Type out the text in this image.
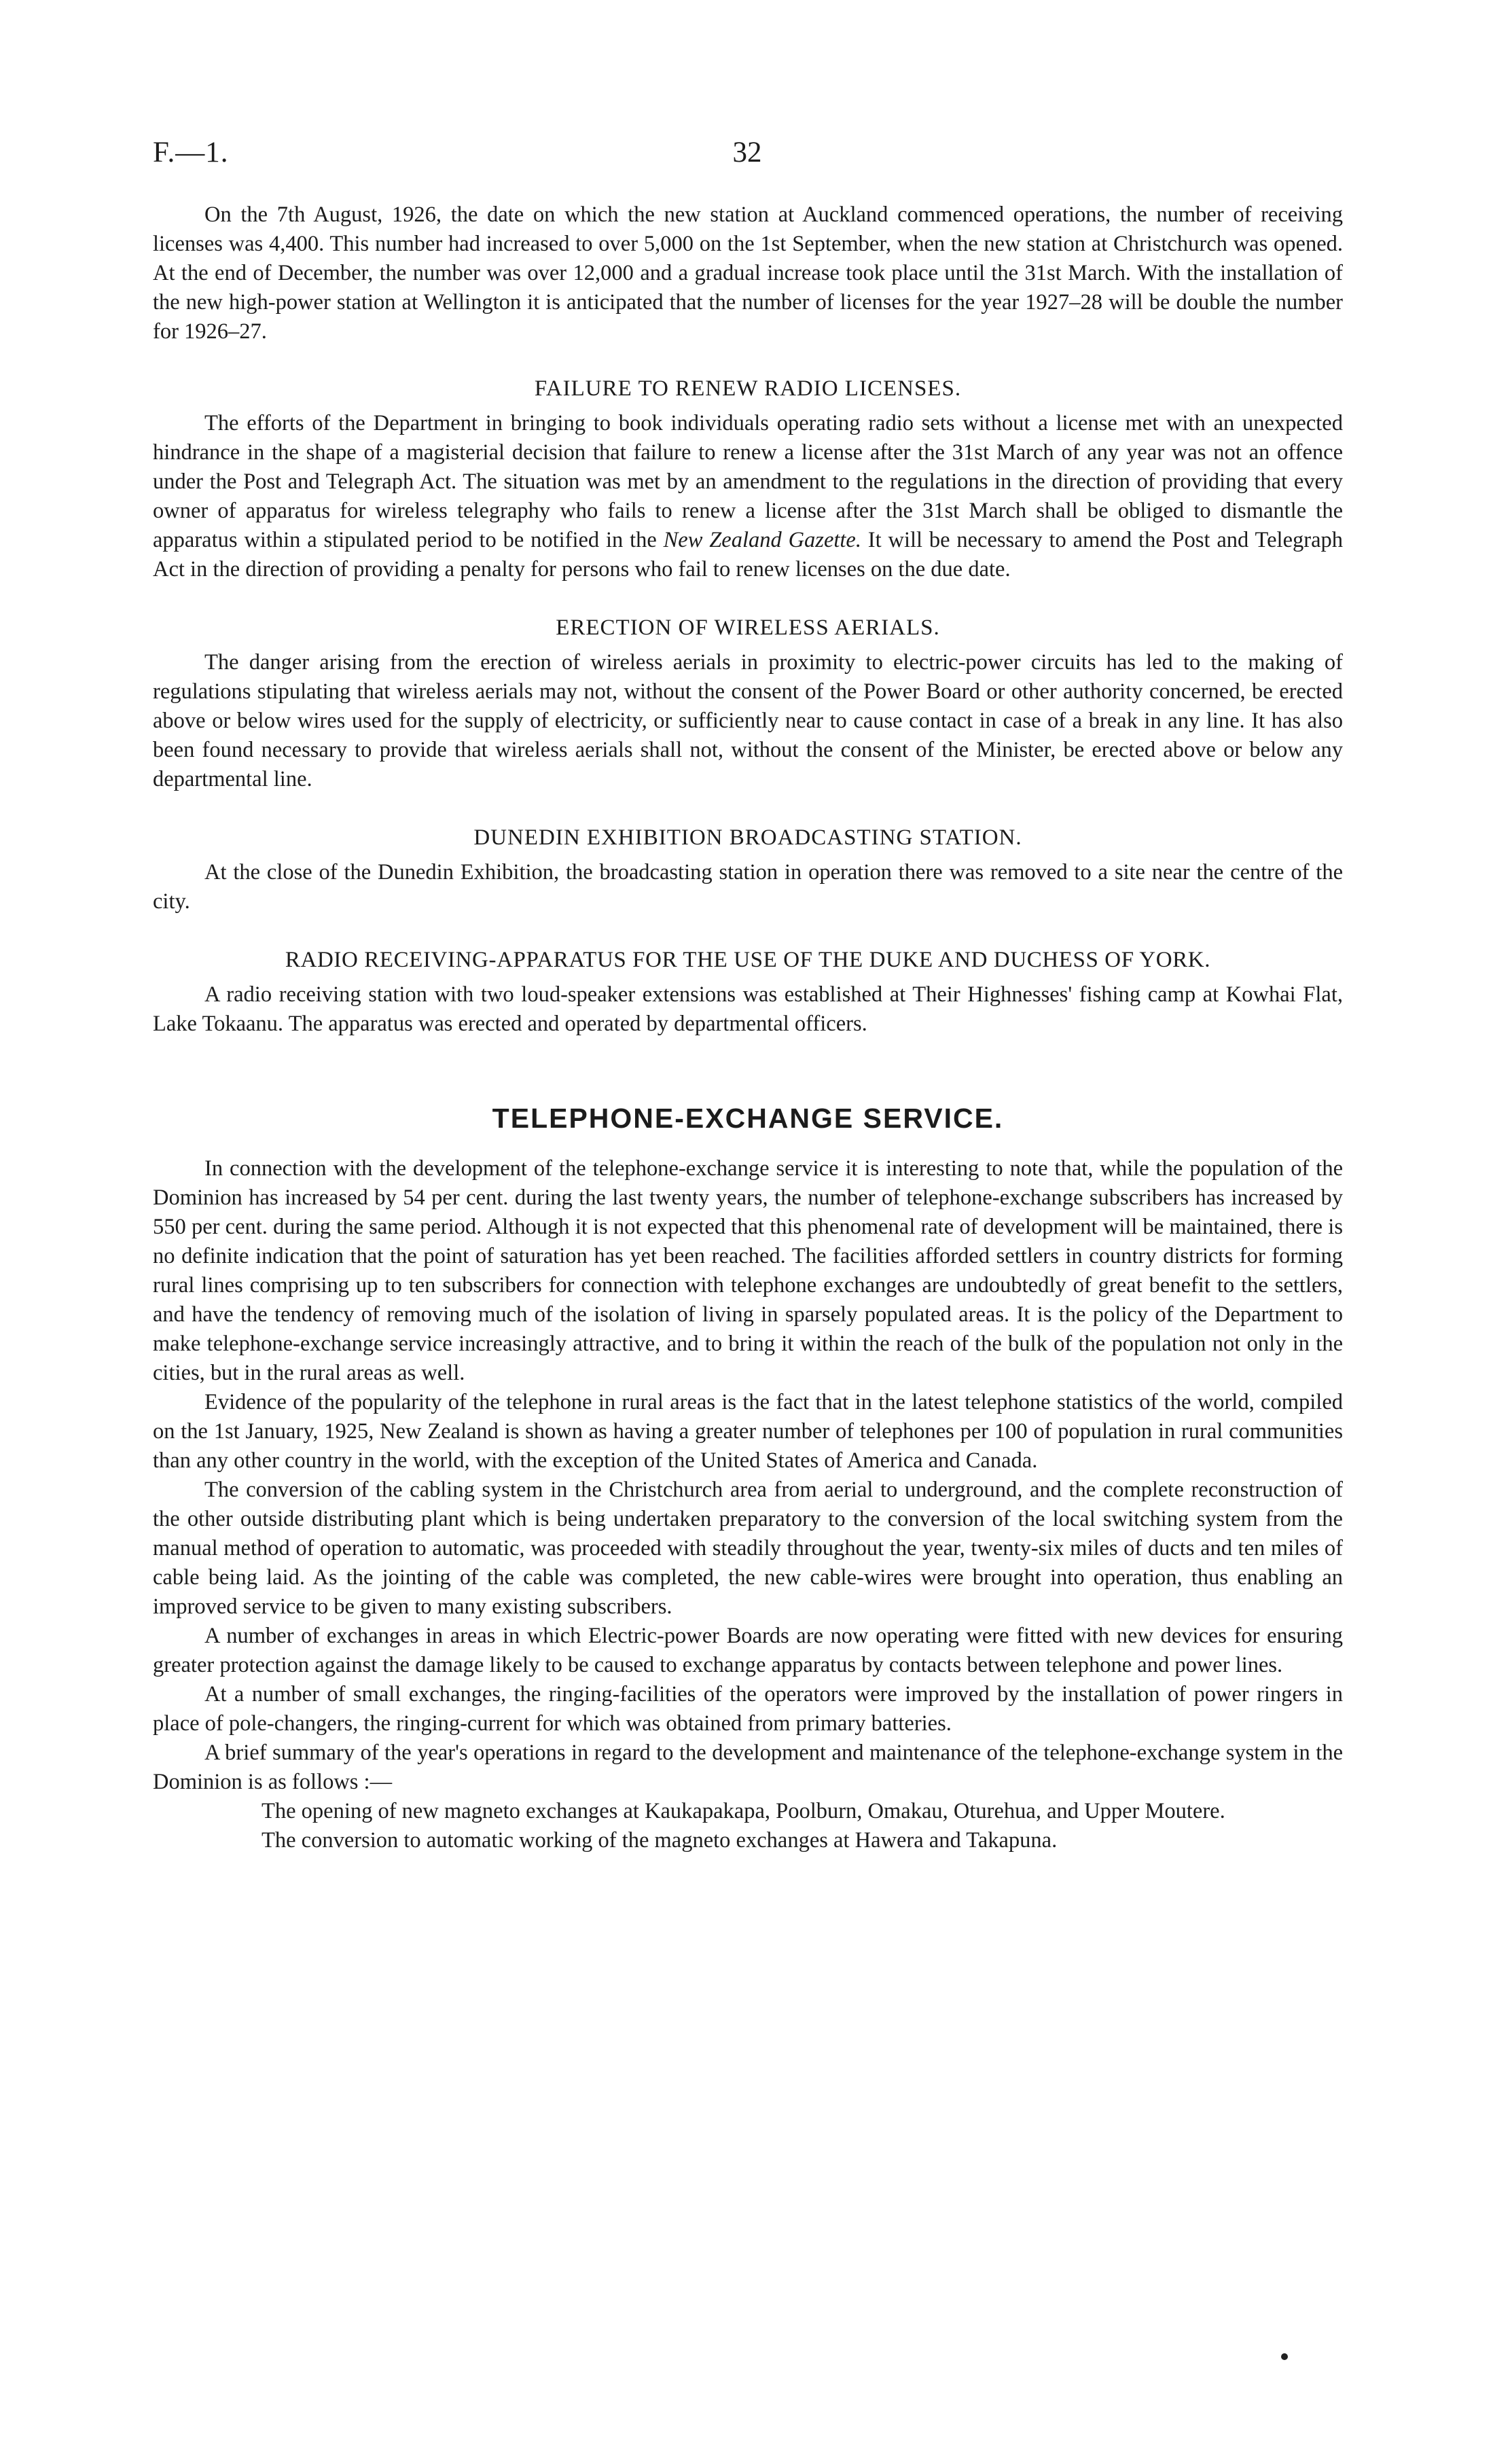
F.—1.	32

On the 7th August, 1926, the date on which the new station at Auckland commenced operations, the number of receiving licenses was 4,400. This number had increased to over 5,000 on the 1st September, when the new station at Christchurch was opened. At the end of December, the number was over 12,000 and a gradual increase took place until the 31st March. With the installation of the new high-power station at Wellington it is anticipated that the number of licenses for the year 1927–28 will be double the number for 1926–27.

FAILURE TO RENEW RADIO LICENSES.

The efforts of the Department in bringing to book individuals operating radio sets without a license met with an unexpected hindrance in the shape of a magisterial decision that failure to renew a license after the 31st March of any year was not an offence under the Post and Telegraph Act. The situation was met by an amendment to the regulations in the direction of providing that every owner of apparatus for wireless telegraphy who fails to renew a license after the 31st March shall be obliged to dismantle the apparatus within a stipulated period to be notified in the New Zealand Gazette. It will be necessary to amend the Post and Telegraph Act in the direction of providing a penalty for persons who fail to renew licenses on the due date.

ERECTION OF WIRELESS AERIALS.

The danger arising from the erection of wireless aerials in proximity to electric-power circuits has led to the making of regulations stipulating that wireless aerials may not, without the consent of the Power Board or other authority concerned, be erected above or below wires used for the supply of electricity, or sufficiently near to cause contact in case of a break in any line. It has also been found necessary to provide that wireless aerials shall not, without the consent of the Minister, be erected above or below any departmental line.

DUNEDIN EXHIBITION BROADCASTING STATION.

At the close of the Dunedin Exhibition, the broadcasting station in operation there was removed to a site near the centre of the city.

RADIO RECEIVING-APPARATUS FOR THE USE OF THE DUKE AND DUCHESS OF YORK.

A radio receiving station with two loud-speaker extensions was established at Their Highnesses' fishing camp at Kowhai Flat, Lake Tokaanu. The apparatus was erected and operated by departmental officers.

TELEPHONE-EXCHANGE SERVICE.

In connection with the development of the telephone-exchange service it is interesting to note that, while the population of the Dominion has increased by 54 per cent. during the last twenty years, the number of telephone-exchange subscribers has increased by 550 per cent. during the same period. Although it is not expected that this phenomenal rate of development will be maintained, there is no definite indication that the point of saturation has yet been reached. The facilities afforded settlers in country districts for forming rural lines comprising up to ten subscribers for connection with telephone exchanges are undoubtedly of great benefit to the settlers, and have the tendency of removing much of the isolation of living in sparsely populated areas. It is the policy of the Department to make telephone-exchange service increasingly attractive, and to bring it within the reach of the bulk of the population not only in the cities, but in the rural areas as well.

Evidence of the popularity of the telephone in rural areas is the fact that in the latest telephone statistics of the world, compiled on the 1st January, 1925, New Zealand is shown as having a greater number of telephones per 100 of population in rural communities than any other country in the world, with the exception of the United States of America and Canada.

The conversion of the cabling system in the Christchurch area from aerial to underground, and the complete reconstruction of the other outside distributing plant which is being undertaken preparatory to the conversion of the local switching system from the manual method of operation to automatic, was proceeded with steadily throughout the year, twenty-six miles of ducts and ten miles of cable being laid. As the jointing of the cable was completed, the new cable-wires were brought into operation, thus enabling an improved service to be given to many existing subscribers.

A number of exchanges in areas in which Electric-power Boards are now operating were fitted with new devices for ensuring greater protection against the damage likely to be caused to exchange apparatus by contacts between telephone and power lines.

At a number of small exchanges, the ringing-facilities of the operators were improved by the installation of power ringers in place of pole-changers, the ringing-current for which was obtained from primary batteries.

A brief summary of the year's operations in regard to the development and maintenance of the telephone-exchange system in the Dominion is as follows :—

The opening of new magneto exchanges at Kaukapakapa, Poolburn, Omakau, Oturehua, and Upper Moutere.

The conversion to automatic working of the magneto exchanges at Hawera and Takapuna.
